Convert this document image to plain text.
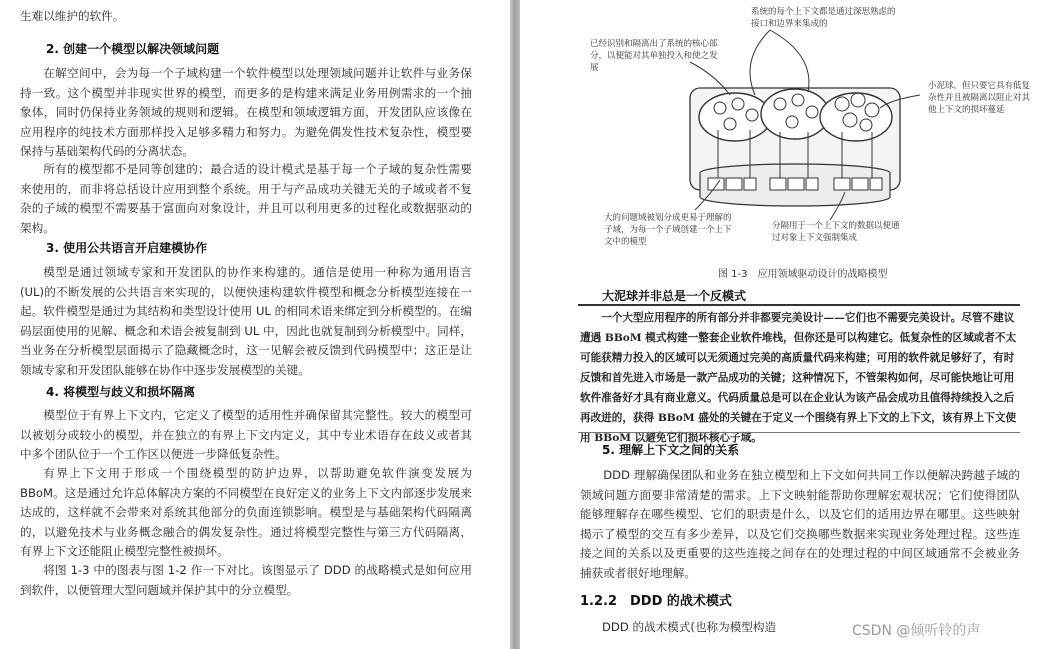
生难以维护的软件。

2. 创建一个模型以解决领域问题

在解空间中，会为每一个子域构建一个软件模型以处理领域问题并让软件与业务保持一致。这个模型并非现实世界的模型，而更多的是构建来满足业务用例需求的一个抽象体，同时仍保持业务领域的规则和逻辑。在模型和领域逻辑方面，开发团队应该像在应用程序的纯技术方面那样投入足够多精力和努力。为避免偶发性技术复杂性，模型要保持与基础架构代码的分离状态。

所有的模型都不是同等创建的；最合适的设计模式是基于每一个子域的复杂性需要来使用的，而非将总括设计应用到整个系统。用于与产品成功关键无关的子域或者不复杂的子域的模型不需要基于富面向对象设计，并且可以利用更多的过程化或数据驱动的架构。

3. 使用公共语言开启建模协作

模型是通过领域专家和开发团队的协作来构建的。通信是使用一种称为通用语言(UL)的不断发展的公共语言来实现的，以便快速构建软件模型和概念分析模型连接在一起。软件模型是通过为其结构和类型设计使用 UL 的相同术语来绑定到分析模型的。在编码层面使用的见解、概念和术语会被复制到 UL 中，因此也就复制到分析模型中。同样，当业务在分析模型层面揭示了隐藏概念时，这一见解会被反馈到代码模型中；这正是让领域专家和开发团队能够在协作中逐步发展模型的关键。

4. 将模型与歧义和损坏隔离

模型位于有界上下文内，它定义了模型的适用性并确保留其完整性。较大的模型可以被划分成较小的模型，并在独立的有界上下文内定义，其中专业术语存在歧义或者其中多个团队位于一个工作区以便进一步降低复杂性。

有界上下文用于形成一个围绕模型的防护边界，以帮助避免软件演变发展为 BBoM。这是通过允许总体解决方案的不同模型在良好定义的业务上下文内部逐步发展来达成的，这样就不会带来对系统其他部分的负面连锁影响。模型是与基础架构代码隔离的，以避免技术与业务概念融合的偶发复杂性。通过将模型完整性与第三方代码隔离，有界上下文还能阻止模型完整性被损坏。

将图 1-3 中的图表与图 1-2 作一下对比。该图显示了 DDD 的战略模式是如何应用到软件，以便管理大型问题域并保护其中的分立模型。

系统的每个上下文都是通过深思熟虑的接口和边界来集成的
已经识别和隔离出了系统的核心部分，以便能对其单独投入和使之发展
小泥球，但只要它具有低复杂性并且被隔离以阻止对其他上下文的损坏蔓延
大的问题域被划分成更易于理解的子域，为每一个子域创建一个上下文中的模型
分隔用于一个上下文的数据以便通过对象上下文强制集成
图 1-3　应用领域驱动设计的战略模型
大泥球并非总是一个反模式

一个大型应用程序的所有部分并非都要完美设计——它们也不需要完美设计。尽管不建议遭遇 BBoM 模式构建一整套企业软件堆栈，但你还是可以构建它。低复杂性的区域或者不太可能获精力投入的区域可以无须通过完美的高质量代码来构建；可用的软件就足够好了，有时反馈和首先进入市场是一款产品成功的关键；这种情况下，不管架构如何，尽可能快地让可用软件准备好才具有商业意义。代码质量总是可以在企业认为该产品会成功且值得持续投入之后再改进的，获得 BBoM 盛处的关键在于定义一个围绕有界上下文的上下文，该有界上下文使用 BBoM 以避免它们损坏核心子域。

5. 理解上下文之间的关系

DDD 理解确保团队和业务在独立模型和上下文如何共同工作以便解决跨越子域的领域问题方面要非常清楚的需求。上下文映射能帮助你理解宏观状况；它们使得团队能够理解存在哪些模型、它们的职责是什么，以及它们的适用边界在哪里。这些映射揭示了模型的交互有多少差异，以及它们交换哪些数据来实现业务处理过程。这些连接之间的关系以及更重要的这些连接之间存在的处理过程的中间区域通常不会被业务捕获或者很好地理解。

1.2.2　DDD 的战术模式

DDD 的战术模式(也称为模型构造	CSDN @倾听铃的声
